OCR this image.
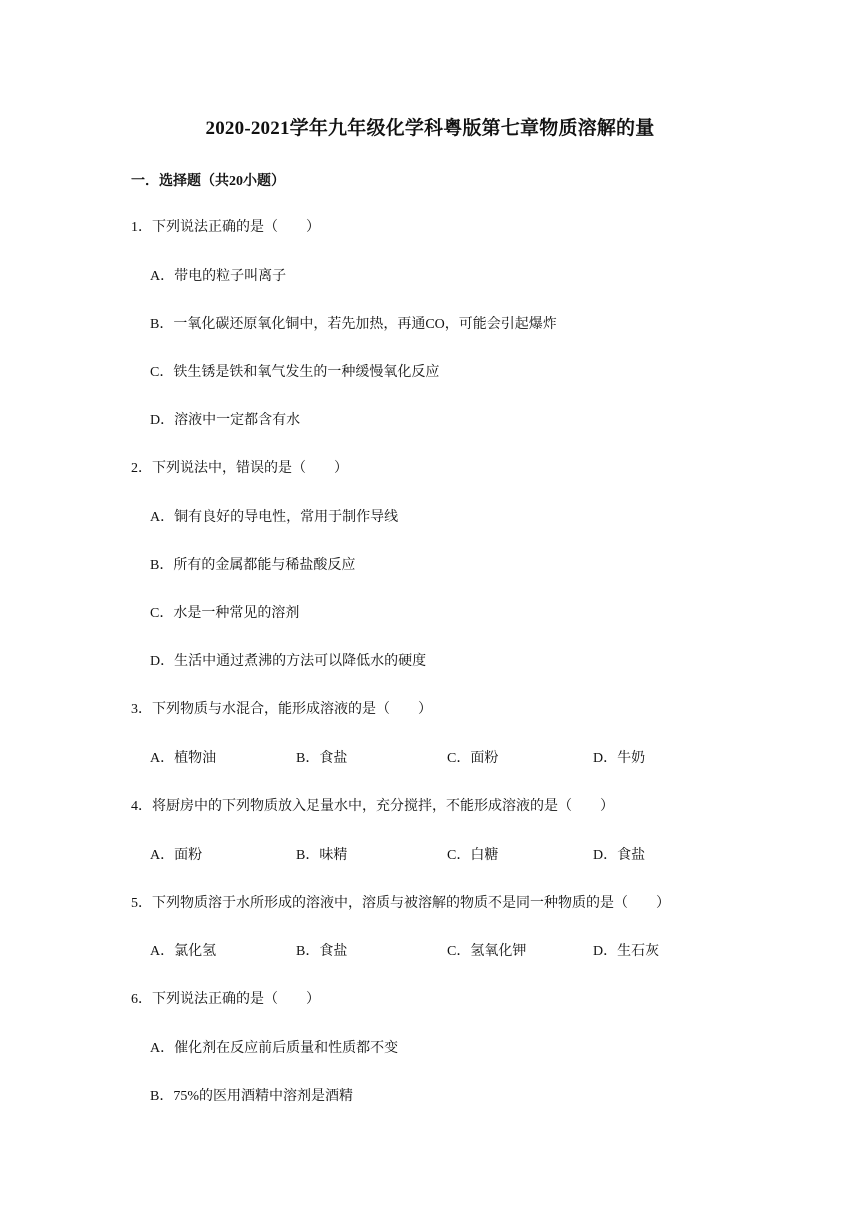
2020-2021学年九年级化学科粤版第七章物质溶解的量
一．选择题（共20小题）
1．下列说法正确的是（　　）
A．带电的粒子叫离子
B．一氧化碳还原氧化铜中，若先加热，再通CO，可能会引起爆炸
C．铁生锈是铁和氧气发生的一种缓慢氧化反应
D．溶液中一定都含有水
2．下列说法中，错误的是（　　）
A．铜有良好的导电性，常用于制作导线
B．所有的金属都能与稀盐酸反应
C．水是一种常见的溶剂
D．生活中通过煮沸的方法可以降低水的硬度
3．下列物质与水混合，能形成溶液的是（　　）
A．植物油	B．食盐	C．面粉	D．牛奶
4．将厨房中的下列物质放入足量水中，充分搅拌，不能形成溶液的是（　　）
A．面粉	B．味精	C．白糖	D．食盐
5．下列物质溶于水所形成的溶液中，溶质与被溶解的物质不是同一种物质的是（　　）
A．氯化氢	B．食盐	C．氢氧化钾	D．生石灰
6．下列说法正确的是（　　）
A．催化剂在反应前后质量和性质都不变
B．75%的医用酒精中溶剂是酒精
